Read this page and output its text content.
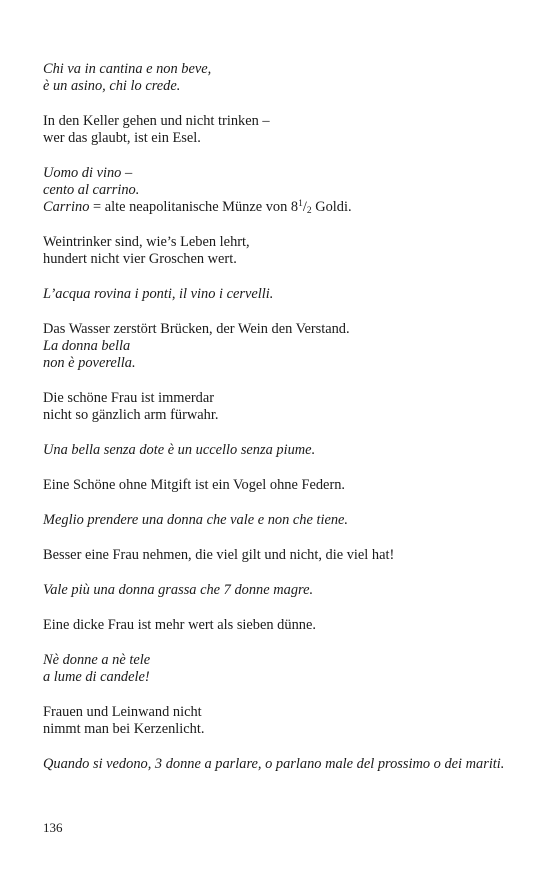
Chi va in cantina e non beve,
è un asino, chi lo crede.

In den Keller gehen und nicht trinken –
wer das glaubt, ist ein Esel.

Uomo di vino –
cento al carrino.
Carrino = alte neapolitanische Münze von $8^1/_2$ Goldi.

Weintrinker sind, wie’s Leben lehrt,
hundert nicht vier Groschen wert.

L’acqua rovina i ponti, il vino i cervelli.

Das Wasser zerstört Brücken, der Wein den Verstand.
La donna bella
non è poverella.

Die schöne Frau ist immerdar
nicht so gänzlich arm fürwahr.

Una bella senza dote è un uccello senza piume.

Eine Schöne ohne Mitgift ist ein Vogel ohne Federn.

Meglio prendere una donna che vale e non che tiene.

Besser eine Frau nehmen, die viel gilt und nicht, die viel hat!

Vale più una donna grassa che 7 donne magre.

Eine dicke Frau ist mehr wert als sieben dünne.

Nè donne a nè tele
a lume di candele!

Frauen und Leinwand nicht
nimmt man bei Kerzenlicht.

Quando si vedono, 3 donne a parlare, o parlano male del prossimo o dei mariti.

136
